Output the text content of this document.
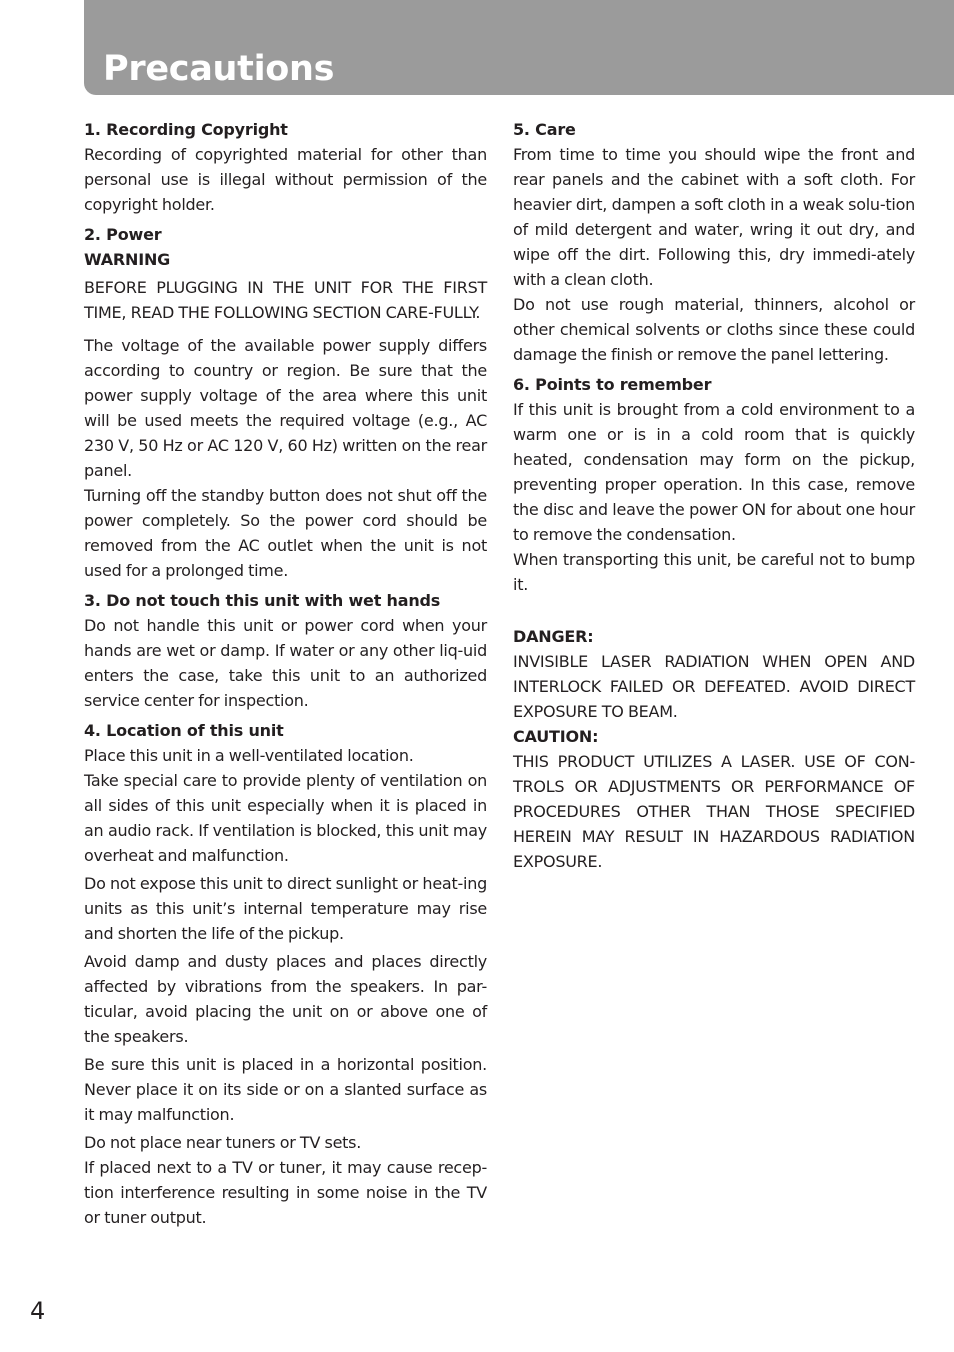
Precautions
1. Recording Copyright

Recording of copyrighted material for other than personal use is illegal without permission of the copyright holder.

2. Power
WARNING

BEFORE PLUGGING IN THE UNIT FOR THE FIRST TIME, READ THE FOLLOWING SECTION CARE-FULLY.

The voltage of the available power supply differs according to country or region. Be sure that the power supply voltage of the area where this unit will be used meets the required voltage (e.g., AC 230 V, 50 Hz or AC 120 V, 60 Hz) written on the rear panel.

Turning off the standby button does not shut off the power completely. So the power cord should be removed from the AC outlet when the unit is not used for a prolonged time.

3. Do not touch this unit with wet hands

Do not handle this unit or power cord when your hands are wet or damp. If water or any other liq-uid enters the case, take this unit to an authorized service center for inspection.

4. Location of this unit

Place this unit in a well-ventilated location.

Take special care to provide plenty of ventilation on all sides of this unit especially when it is placed in an audio rack. If ventilation is blocked, this unit may overheat and malfunction.

Do not expose this unit to direct sunlight or heat-ing units as this unit’s internal temperature may rise and shorten the life of the pickup.

Avoid damp and dusty places and places directly affected by vibrations from the speakers. In par-ticular, avoid placing the unit on or above one of the speakers.

Be sure this unit is placed in a horizontal position. Never place it on its side or on a slanted surface as it may malfunction.

Do not place near tuners or TV sets.

If placed next to a TV or tuner, it may cause recep-tion interference resulting in some noise in the TV or tuner output.

5. Care

From time to time you should wipe the front and rear panels and the cabinet with a soft cloth. For heavier dirt, dampen a soft cloth in a weak solu-tion of mild detergent and water, wring it out dry, and wipe off the dirt. Following this, dry immedi-ately with a clean cloth.

Do not use rough material, thinners, alcohol or other chemical solvents or cloths since these could damage the finish or remove the panel lettering.

6. Points to remember

If this unit is brought from a cold environment to a warm one or is in a cold room that is quickly heated, condensation may form on the pickup, preventing proper operation. In this case, remove the disc and leave the power ON for about one hour to remove the condensation.

When transporting this unit, be careful not to bump it.

DANGER:

INVISIBLE LASER RADIATION WHEN OPEN AND INTERLOCK FAILED OR DEFEATED. AVOID DIRECT EXPOSURE TO BEAM.

CAUTION:

THIS PRODUCT UTILIZES A LASER. USE OF CON-TROLS OR ADJUSTMENTS OR PERFORMANCE OF PROCEDURES OTHER THAN THOSE SPECIFIED HEREIN MAY RESULT IN HAZARDOUS RADIATION EXPOSURE.

4
